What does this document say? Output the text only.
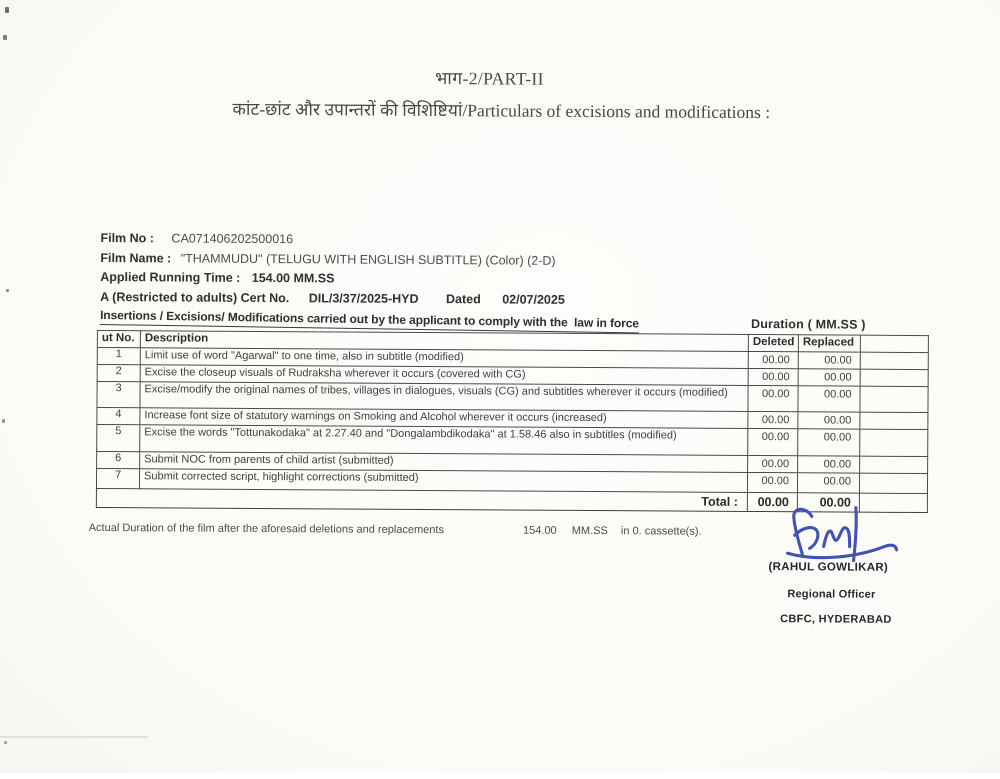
भाग-2/PART-II
कांट-छांट और उपान्तरों की विशिष्टियां/Particulars of excisions and modifications :
Film No : CA071406202500016
Film Name : "THAMMUDU" (TELUGU WITH ENGLISH SUBTITLE) (Color) (2-D)
Applied Running Time : 154.00 MM.SS
A (Restricted to adults) Cert No. DIL/3/37/2025-HYD Dated 02/07/2025
Insertions / Excisions/ Modifications carried out by the applicant to comply with the  law in force	Duration ( MM.SS )
ut No.	Description	Deleted	Replaced	
1	Limit use of word "Agarwal" to one time, also in subtitle (modified)	00.00	00.00	
2	Excise the closeup visuals of Rudraksha wherever it occurs (covered with CG)	00.00	00.00	
3	Excise/modify the original names of tribes, villages in dialogues, visuals (CG) and subtitles wherever it occurs (modified)	00.00	00.00	
4	Increase font size of statutory warnings on Smoking and Alcohol wherever it occurs (increased)	00.00	00.00	
5	Excise the words "Tottunakodaka" at 2.27.40 and "Dongalambdikodaka" at 1.58.46 also in subtitles (modified)	00.00	00.00	
6	Submit NOC from parents of child artist (submitted)	00.00	00.00	
7	Submit corrected script, highlight corrections (submitted)	00.00	00.00	
Total :		00.00	00.00	
Actual Duration of the film after the aforesaid deletions and replacements	154.00 MM.SS in 0. cassette(s).
(RAHUL GOWLIKAR)
Regional Officer
CBFC, HYDERABAD
